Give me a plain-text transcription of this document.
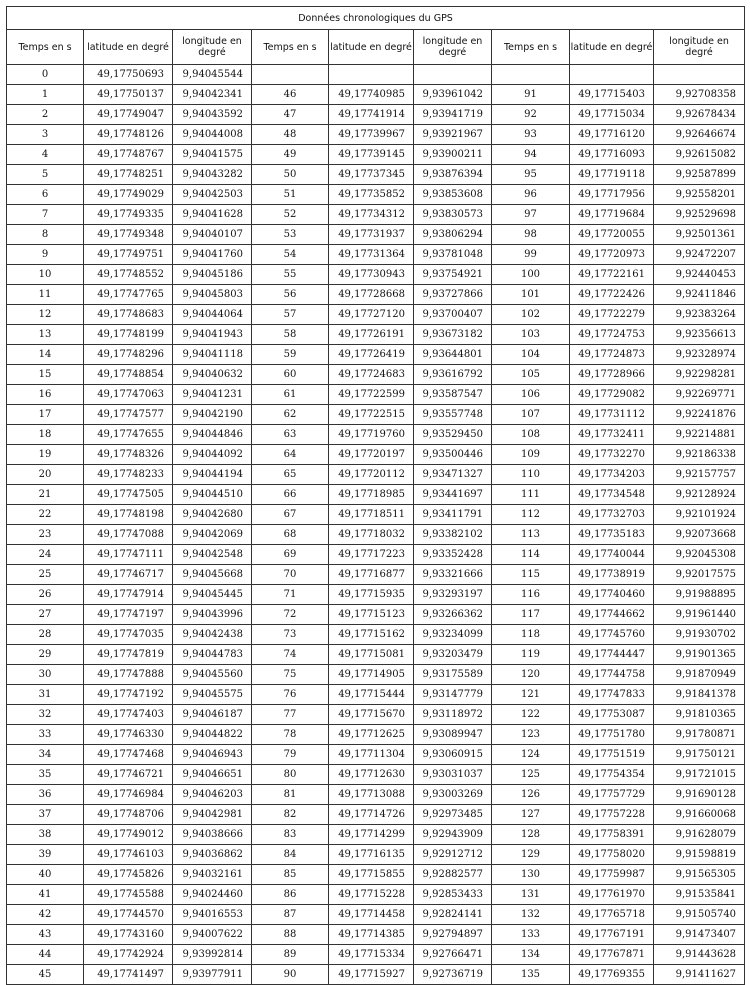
Données chronologiques du GPS								
Temps en s	latitude en degré	longitude en degré	Temps en s	latitude en degré	longitude en degré	Temps en s	latitude en degré	longitude en degré
0	49,17750693	9,94045544						
1	49,17750137	9,94042341	46	49,17740985	9,93961042	91	49,17715403	9,92708358
2	49,17749047	9,94043592	47	49,17741914	9,93941719	92	49,17715034	9,92678434
3	49,17748126	9,94044008	48	49,17739967	9,93921967	93	49,17716120	9,92646674
4	49,17748767	9,94041575	49	49,17739145	9,93900211	94	49,17716093	9,92615082
5	49,17748251	9,94043282	50	49,17737345	9,93876394	95	49,17719118	9,92587899
6	49,17749029	9,94042503	51	49,17735852	9,93853608	96	49,17717956	9,92558201
7	49,17749335	9,94041628	52	49,17734312	9,93830573	97	49,17719684	9,92529698
8	49,17749348	9,94040107	53	49,17731937	9,93806294	98	49,17720055	9,92501361
9	49,17749751	9,94041760	54	49,17731364	9,93781048	99	49,17720973	9,92472207
10	49,17748552	9,94045186	55	49,17730943	9,93754921	100	49,17722161	9,92440453
11	49,17747765	9,94045803	56	49,17728668	9,93727866	101	49,17722426	9,92411846
12	49,17748683	9,94044064	57	49,17727120	9,93700407	102	49,17722279	9,92383264
13	49,17748199	9,94041943	58	49,17726191	9,93673182	103	49,17724753	9,92356613
14	49,17748296	9,94041118	59	49,17726419	9,93644801	104	49,17724873	9,92328974
15	49,17748854	9,94040632	60	49,17724683	9,93616792	105	49,17728966	9,92298281
16	49,17747063	9,94041231	61	49,17722599	9,93587547	106	49,17729082	9,92269771
17	49,17747577	9,94042190	62	49,17722515	9,93557748	107	49,17731112	9,92241876
18	49,17747655	9,94044846	63	49,17719760	9,93529450	108	49,17732411	9,92214881
19	49,17748326	9,94044092	64	49,17720197	9,93500446	109	49,17732270	9,92186338
20	49,17748233	9,94044194	65	49,17720112	9,93471327	110	49,17734203	9,92157757
21	49,17747505	9,94044510	66	49,17718985	9,93441697	111	49,17734548	9,92128924
22	49,17748198	9,94042680	67	49,17718511	9,93411791	112	49,17732703	9,92101924
23	49,17747088	9,94042069	68	49,17718032	9,93382102	113	49,17735183	9,92073668
24	49,17747111	9,94042548	69	49,17717223	9,93352428	114	49,17740044	9,92045308
25	49,17746717	9,94045668	70	49,17716877	9,93321666	115	49,17738919	9,92017575
26	49,17747914	9,94045445	71	49,17715935	9,93293197	116	49,17740460	9,91988895
27	49,17747197	9,94043996	72	49,17715123	9,93266362	117	49,17744662	9,91961440
28	49,17747035	9,94042438	73	49,17715162	9,93234099	118	49,17745760	9,91930702
29	49,17747819	9,94044783	74	49,17715081	9,93203479	119	49,17744447	9,91901365
30	49,17747888	9,94045560	75	49,17714905	9,93175589	120	49,17744758	9,91870949
31	49,17747192	9,94045575	76	49,17715444	9,93147779	121	49,17747833	9,91841378
32	49,17747403	9,94046187	77	49,17715670	9,93118972	122	49,17753087	9,91810365
33	49,17746330	9,94044822	78	49,17712625	9,93089947	123	49,17751780	9,91780871
34	49,17747468	9,94046943	79	49,17711304	9,93060915	124	49,17751519	9,91750121
35	49,17746721	9,94046651	80	49,17712630	9,93031037	125	49,17754354	9,91721015
36	49,17746984	9,94046203	81	49,17713088	9,93003269	126	49,17757729	9,91690128
37	49,17748706	9,94042981	82	49,17714726	9,92973485	127	49,17757228	9,91660068
38	49,17749012	9,94038666	83	49,17714299	9,92943909	128	49,17758391	9,91628079
39	49,17746103	9,94036862	84	49,17716135	9,92912712	129	49,17758020	9,91598819
40	49,17745826	9,94032161	85	49,17715855	9,92882577	130	49,17759987	9,91565305
41	49,17745588	9,94024460	86	49,17715228	9,92853433	131	49,17761970	9,91535841
42	49,17744570	9,94016553	87	49,17714458	9,92824141	132	49,17765718	9,91505740
43	49,17743160	9,94007622	88	49,17714385	9,92794897	133	49,17767191	9,91473407
44	49,17742924	9,93992814	89	49,17715334	9,92766471	134	49,17767871	9,91443628
45	49,17741497	9,93977911	90	49,17715927	9,92736719	135	49,17769355	9,91411627
